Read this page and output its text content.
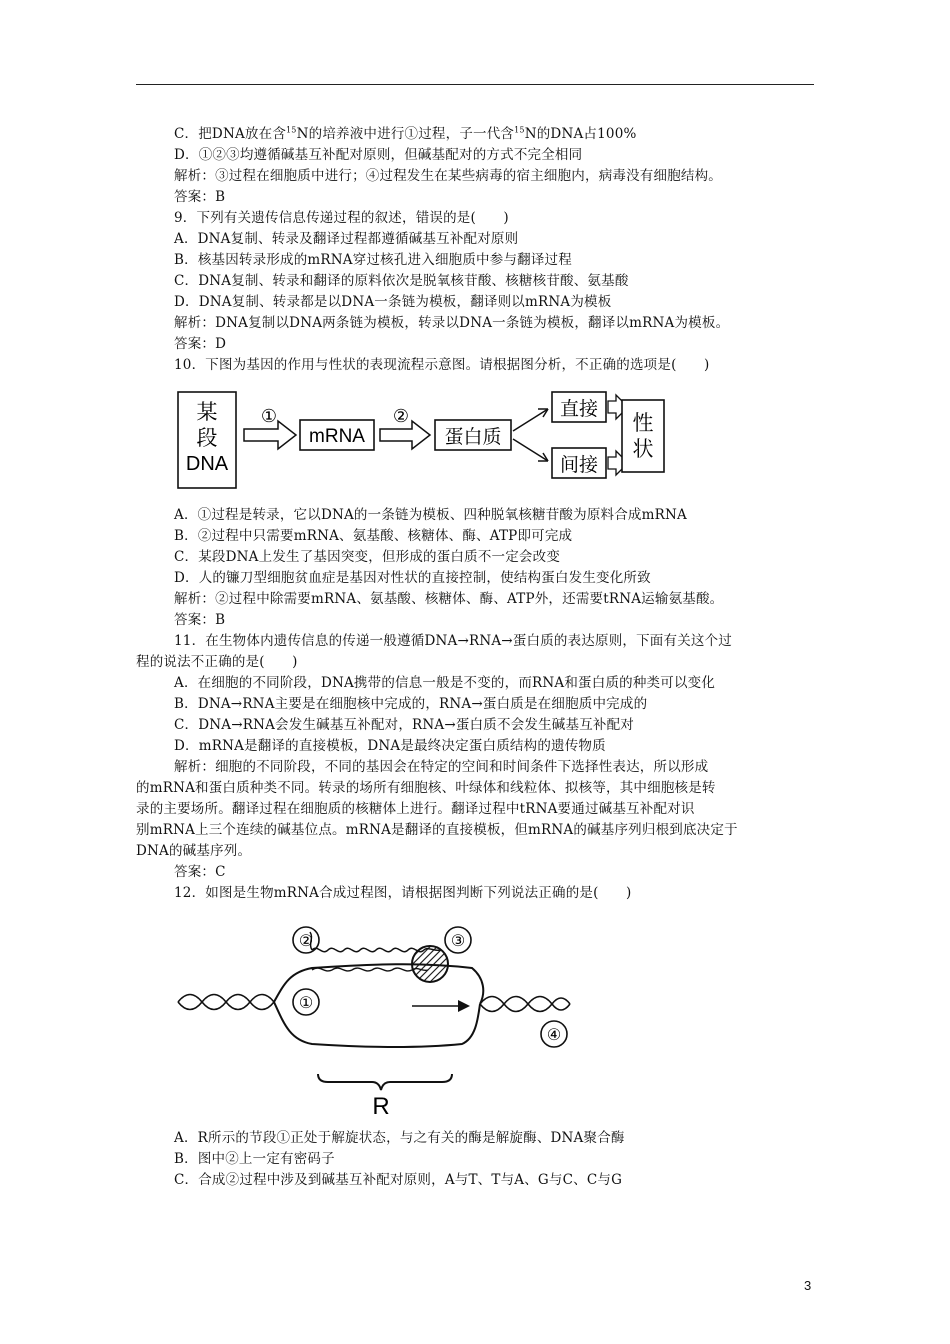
C．把DNA放在含$^{15}$N的培养液中进行①过程，子一代含$^{15}$N的DNA占100%
D．①②③均遵循碱基互补配对原则，但碱基配对的方式不完全相同
解析：③过程在细胞质中进行；④过程发生在某些病毒的宿主细胞内，病毒没有细胞结构。
答案：B
9．下列有关遗传信息传递过程的叙述，错误的是(　　)
A．DNA复制、转录及翻译过程都遵循碱基互补配对原则
B．核基因转录形成的mRNA穿过核孔进入细胞质中参与翻译过程
C．DNA复制、转录和翻译的原料依次是脱氧核苷酸、核糖核苷酸、氨基酸
D．DNA复制、转录都是以DNA一条链为模板，翻译则以mRNA为模板
解析：DNA复制以DNA两条链为模板，转录以DNA一条链为模板，翻译以mRNA为模板。
答案：D
10．下图为基因的作用与性状的表现流程示意图。请根据图分析，不正确的选项是(　　)
某
段
DNA
①
mRNA
②
蛋白质
直接
间接
性
状
A．①过程是转录，它以DNA的一条链为模板、四种脱氧核糖苷酸为原料合成mRNA
B．②过程中只需要mRNA、氨基酸、核糖体、酶、ATP即可完成
C．某段DNA上发生了基因突变，但形成的蛋白质不一定会改变
D．人的镰刀型细胞贫血症是基因对性状的直接控制，使结构蛋白发生变化所致
解析：②过程中除需要mRNA、氨基酸、核糖体、酶、ATP外，还需要tRNA运输氨基酸。
答案：B
11．在生物体内遗传信息的传递一般遵循DNA→RNA→蛋白质的表达原则，下面有关这个过
程的说法不正确的是(　　)
A．在细胞的不同阶段，DNA携带的信息一般是不变的，而RNA和蛋白质的种类可以变化
B．DNA→RNA主要是在细胞核中完成的，RNA→蛋白质是在细胞质中完成的
C．DNA→RNA会发生碱基互补配对，RNA→蛋白质不会发生碱基互补配对
D．mRNA是翻译的直接模板，DNA是最终决定蛋白质结构的遗传物质
解析：细胞的不同阶段，不同的基因会在特定的空间和时间条件下选择性表达，所以形成
的mRNA和蛋白质种类不同。转录的场所有细胞核、叶绿体和线粒体、拟核等，其中细胞核是转
录的主要场所。翻译过程在细胞质的核糖体上进行。翻译过程中tRNA要通过碱基互补配对识
别mRNA上三个连续的碱基位点。mRNA是翻译的直接模板，但mRNA的碱基序列归根到底决定于
DNA的碱基序列。
答案：C
12．如图是生物mRNA合成过程图，请根据图判断下列说法正确的是(　　)
②	③
①
④
R
A．R所示的节段①正处于解旋状态，与之有关的酶是解旋酶、DNA聚合酶
B．图中②上一定有密码子
C．合成②过程中涉及到碱基互补配对原则，A与T、T与A、G与C、C与G
3
